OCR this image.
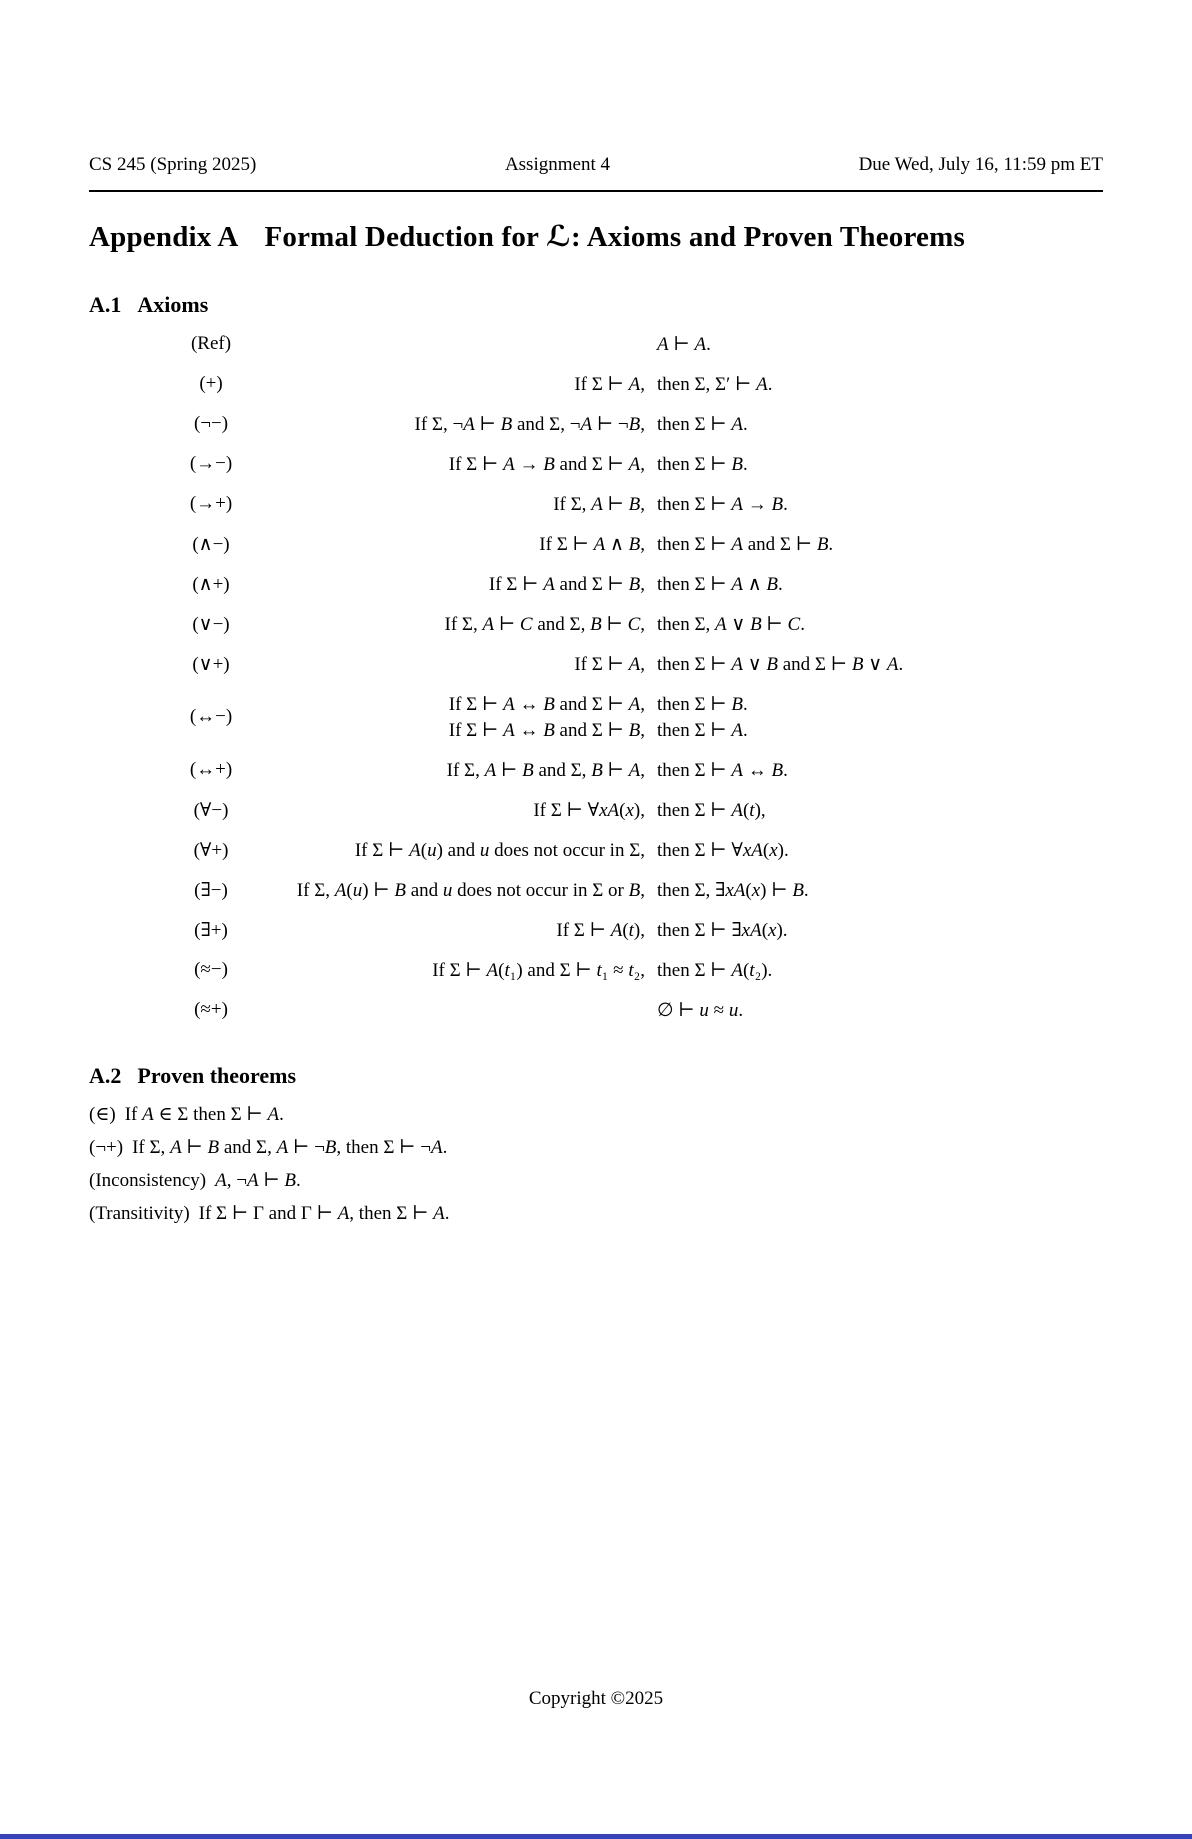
CS 245 (Spring 2025)	Assignment 4	Due Wed, July 16, 11:59 pm ET
Appendix A Formal Deduction for ℒ: Axioms and Proven Theorems
A.1 Axioms
(Ref)	A ⊢ A.
(+)	If Σ ⊢ A, then Σ, Σ′ ⊢ A.
(¬−)	If Σ, ¬A ⊢ B and Σ, ¬A ⊢ ¬B, then Σ ⊢ A.
(→−)	If Σ ⊢ A → B and Σ ⊢ A, then Σ ⊢ B.
(→+)	If Σ, A ⊢ B, then Σ ⊢ A → B.
(∧−)	If Σ ⊢ A ∧ B, then Σ ⊢ A and Σ ⊢ B.
(∧+)	If Σ ⊢ A and Σ ⊢ B, then Σ ⊢ A ∧ B.
(∨−)	If Σ, A ⊢ C and Σ, B ⊢ C, then Σ, A ∨ B ⊢ C.
(∨+)	If Σ ⊢ A, then Σ ⊢ A ∨ B and Σ ⊢ B ∨ A.
(↔−)
If Σ ⊢ A ↔ B and Σ ⊢ A, then Σ ⊢ B.
If Σ ⊢ A ↔ B and Σ ⊢ B, then Σ ⊢ A.
(↔+)	If Σ, A ⊢ B and Σ, B ⊢ A, then Σ ⊢ A ↔ B.
(∀−)	If Σ ⊢ ∀xA(x), then Σ ⊢ A(t),
(∀+)	If Σ ⊢ A(u) and u does not occur in Σ, then Σ ⊢ ∀xA(x).
(∃−)	If Σ, A(u) ⊢ B and u does not occur in Σ or B, then Σ, ∃xA(x) ⊢ B.
(∃+)	If Σ ⊢ A(t), then Σ ⊢ ∃xA(x).
(≈−)	If Σ ⊢ A(t₁) and Σ ⊢ t₁ ≈ t₂, then Σ ⊢ A(t₂).
(≈+)	∅ ⊢ u ≈ u.
A.2 Proven theorems
(∈) If A ∈ Σ then Σ ⊢ A.
(¬+) If Σ, A ⊢ B and Σ, A ⊢ ¬B, then Σ ⊢ ¬A.
(Inconsistency) A, ¬A ⊢ B.
(Transitivity) If Σ ⊢ Γ and Γ ⊢ A, then Σ ⊢ A.
Copyright ©2025
